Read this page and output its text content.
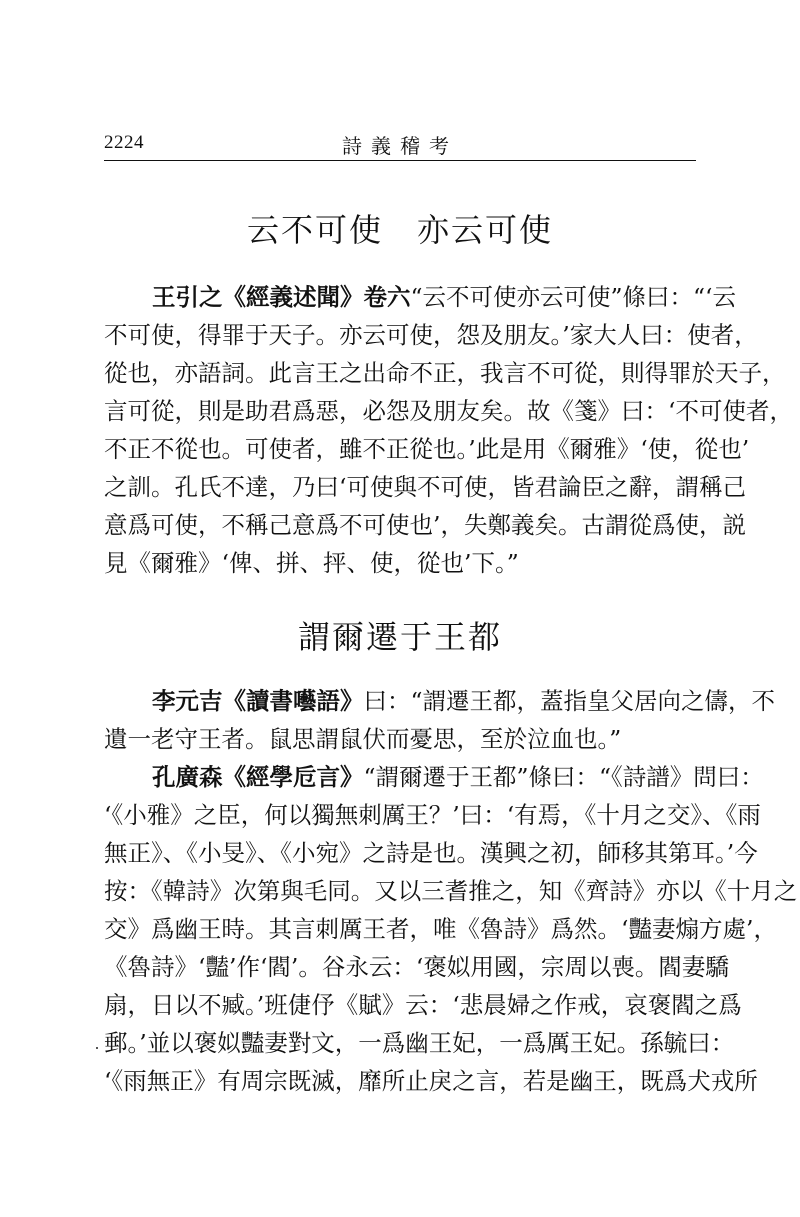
2224	詩義稽考
云不可使　亦云可使
王引之《經義述聞》卷六“云不可使亦云可使”條曰：“‘云
不可使，得罪于天子。亦云可使，怨及朋友。’家大人曰：使者，
從也，亦語詞。此言王之出命不正，我言不可從，則得罪於天子，
言可從，則是助君爲惡，必怨及朋友矣。故《箋》曰：‘不可使者，
不正不從也。可使者，雖不正從也。’此是用《爾雅》‘使，從也’
之訓。孔氏不達，乃曰‘可使與不可使，皆君論臣之辭，謂稱己
意爲可使，不稱己意爲不可使也’，失鄭義矣。古謂從爲使，説
見《爾雅》‘俾、拼、抨、使，從也’下。”
謂爾遷于王都
李元吉《讀書囈語》曰：“謂遷王都，蓋指皇父居向之儔，不
遺一老守王者。鼠思謂鼠伏而憂思，至於泣血也。”
孔廣森《經學卮言》“謂爾遷于王都”條曰：“《詩譜》問曰：
‘《小雅》之臣，何以獨無刺厲王？’曰：‘有焉，《十月之交》、《雨
無正》、《小旻》、《小宛》之詩是也。漢興之初，師移其第耳。’今
按：《韓詩》次第與毛同。又以三耆推之，知《齊詩》亦以《十月之
交》爲幽王時。其言刺厲王者，唯《魯詩》爲然。‘豔妻煽方處’，
《魯詩》‘豔’作‘閻’。谷永云：‘褒姒用國，宗周以喪。閻妻驕
扇，日以不臧。’班倢伃《賦》云：‘悲晨婦之作戒，哀褒閻之爲
郵。’並以褒姒豔妻對文，一爲幽王妃，一爲厲王妃。孫毓曰：
‘《雨無正》有周宗既滅，靡所止戾之言，若是幽王，既爲犬戎所
